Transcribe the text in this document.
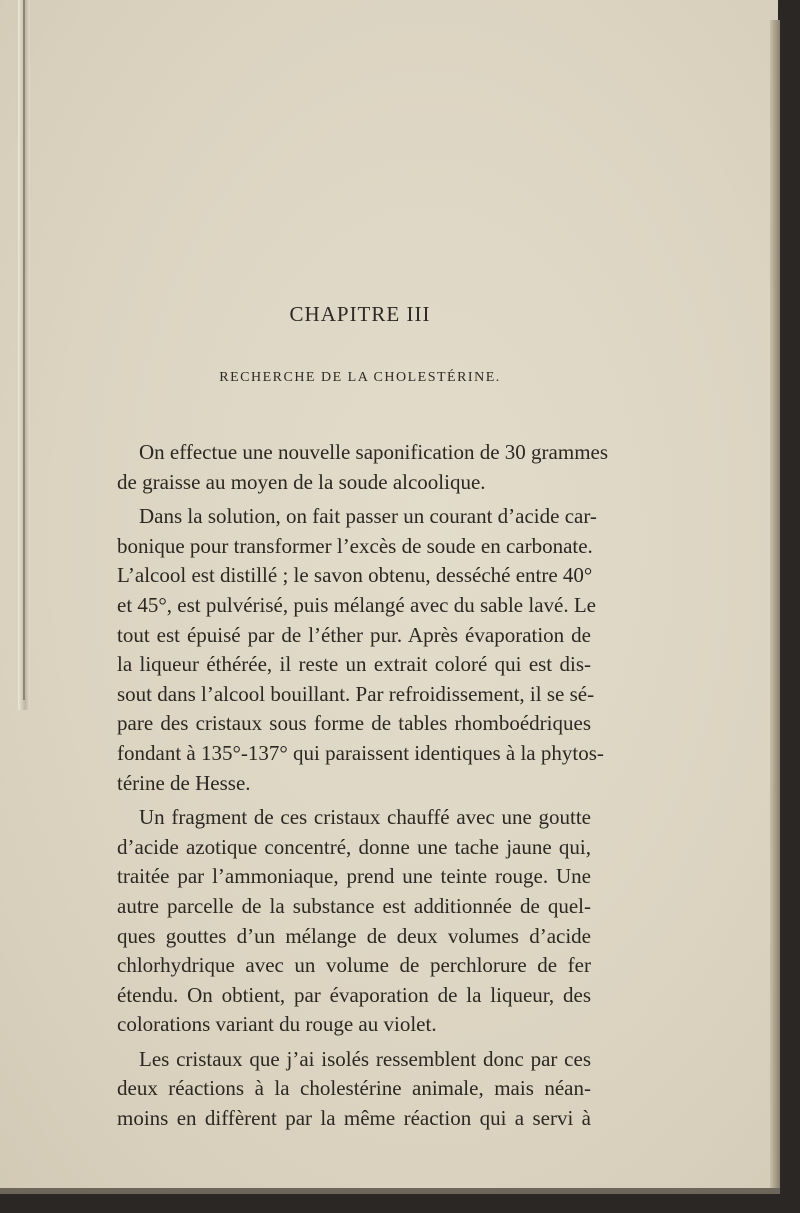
CHAPITRE III
RECHERCHE DE LA CHOLESTÉRINE.

On effectue une nouvelle saponification de 30 grammes
de graisse au moyen de la soude alcoolique.

Dans la solution, on fait passer un courant d’acide car-
bonique pour transformer l’excès de soude en carbonate.
L’alcool est distillé ; le savon obtenu, desséché entre 40°
et 45°, est pulvérisé, puis mélangé avec du sable lavé. Le
tout est épuisé par de l’éther pur. Après évaporation de
la liqueur éthérée, il reste un extrait coloré qui est dis-
sout dans l’alcool bouillant. Par refroidissement, il se sé-
pare des cristaux sous forme de tables rhomboédriques
fondant à 135°-137° qui paraissent identiques à la phytos-
térine de Hesse.

Un fragment de ces cristaux chauffé avec une goutte
d’acide azotique concentré, donne une tache jaune qui,
traitée par l’ammoniaque, prend une teinte rouge. Une
autre parcelle de la substance est additionnée de quel-
ques gouttes d’un mélange de deux volumes d’acide
chlorhydrique avec un volume de perchlorure de fer
étendu. On obtient, par évaporation de la liqueur, des
colorations variant du rouge au violet.

Les cristaux que j’ai isolés ressemblent donc par ces
deux réactions à la cholestérine animale, mais néan-
moins en diffèrent par la même réaction qui a servi à
